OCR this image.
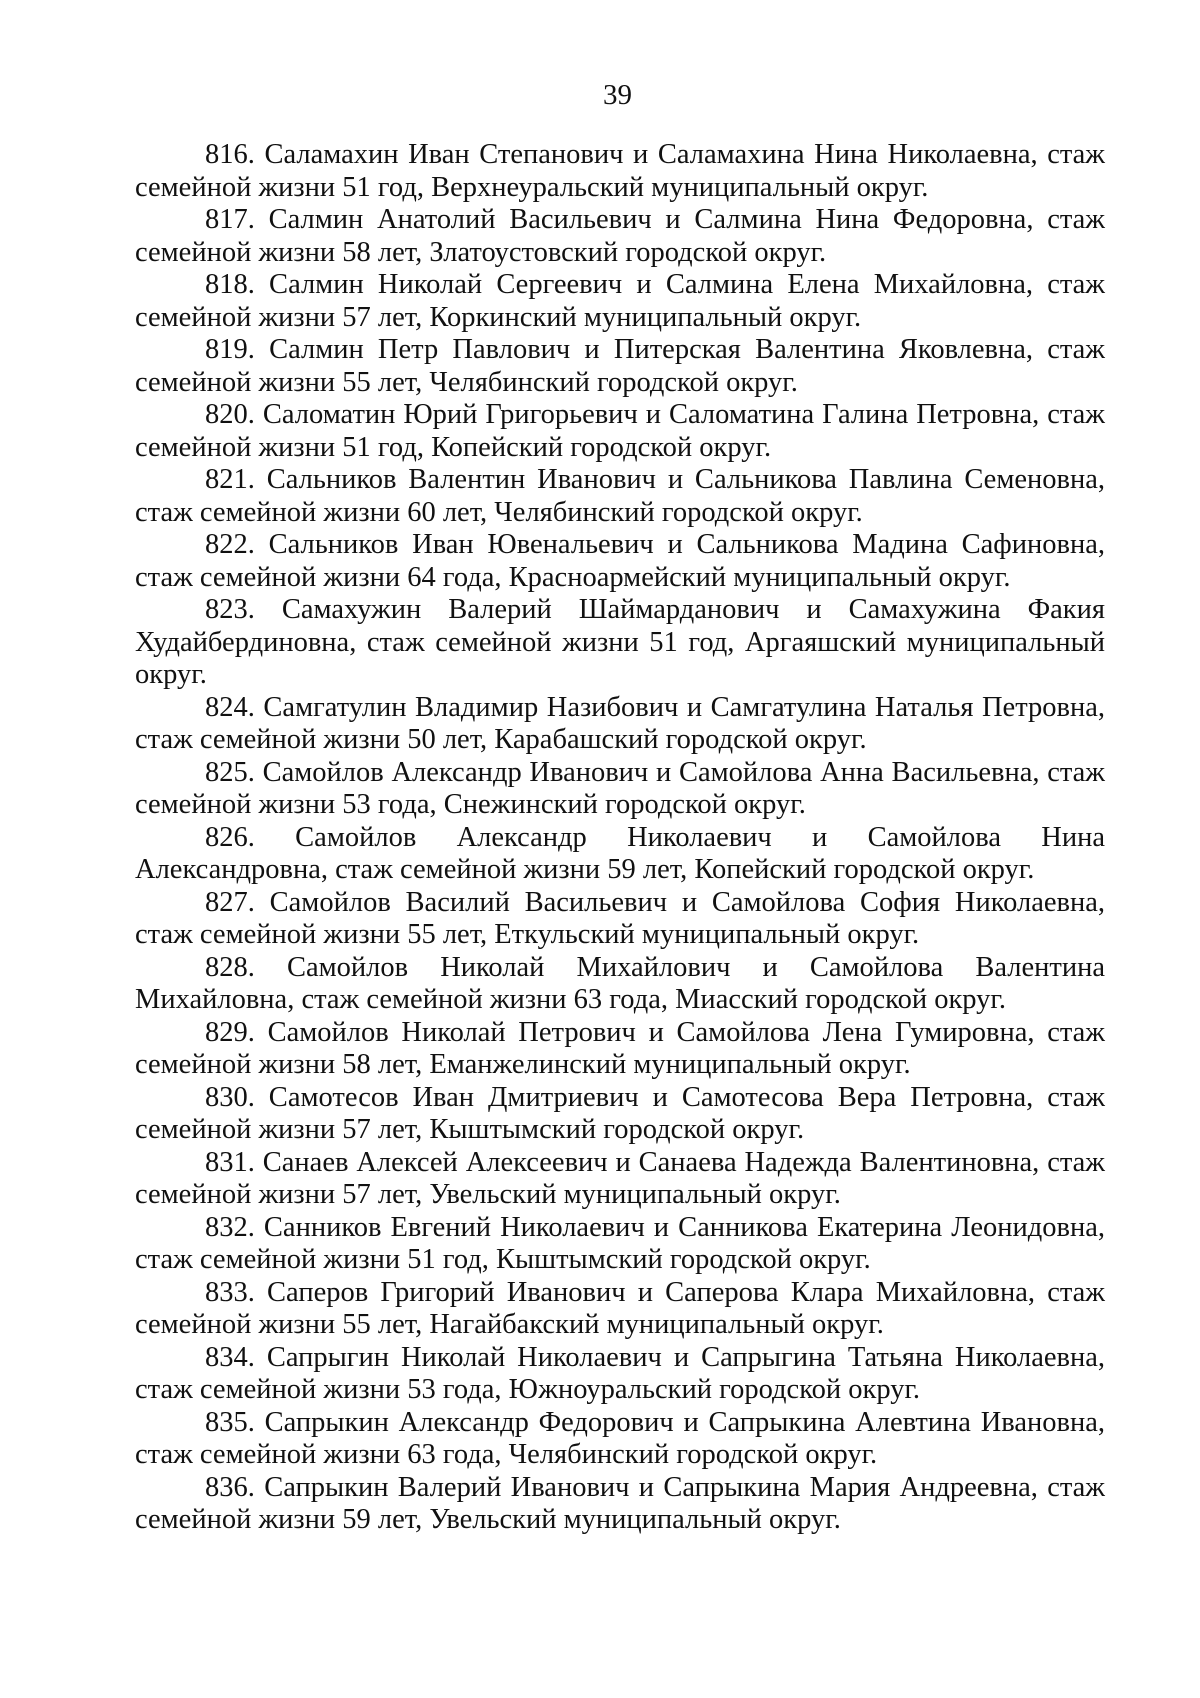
39

816. Саламахин Иван Степанович и Саламахина Нина Николаевна, стаж семейной жизни 51 год, Верхнеуральский муниципальный округ.

817. Салмин Анатолий Васильевич и Салмина Нина Федоровна, стаж семейной жизни 58 лет, Златоустовский городской округ.

818. Салмин Николай Сергеевич и Салмина Елена Михайловна, стаж семейной жизни 57 лет, Коркинский муниципальный округ.

819. Салмин Петр Павлович и Питерская Валентина Яковлевна, стаж семейной жизни 55 лет, Челябинский городской округ.

820. Саломатин Юрий Григорьевич и Саломатина Галина Петровна, стаж семейной жизни 51 год, Копейский городской округ.

821. Сальников Валентин Иванович и Сальникова Павлина Семеновна, стаж семейной жизни 60 лет, Челябинский городской округ.

822. Сальников Иван Ювенальевич и Сальникова Мадина Сафиновна, стаж семейной жизни 64 года, Красноармейский муниципальный округ.

823. Самахужин Валерий Шаймарданович и Самахужина Факия Худайбердиновна, стаж семейной жизни 51 год, Аргаяшский муниципальный округ.

824. Самгатулин Владимир Назибович и Самгатулина Наталья Петровна, стаж семейной жизни 50 лет, Карабашский городской округ.

825. Самойлов Александр Иванович и Самойлова Анна Васильевна, стаж семейной жизни 53 года, Снежинский городской округ.

826. Самойлов Александр Николаевич и Самойлова Нина Александровна, стаж семейной жизни 59 лет, Копейский городской округ.

827. Самойлов Василий Васильевич и Самойлова София Николаевна, стаж семейной жизни 55 лет, Еткульский муниципальный округ.

828. Самойлов Николай Михайлович и Самойлова Валентина Михайловна, стаж семейной жизни 63 года, Миасский городской округ.

829. Самойлов Николай Петрович и Самойлова Лена Гумировна, стаж семейной жизни 58 лет, Еманжелинский муниципальный округ.

830. Самотесов Иван Дмитриевич и Самотесова Вера Петровна, стаж семейной жизни 57 лет, Кыштымский городской округ.

831. Санаев Алексей Алексеевич и Санаева Надежда Валентиновна, стаж семейной жизни 57 лет, Увельский муниципальный округ.

832. Санников Евгений Николаевич и Санникова Екатерина Леонидовна, стаж семейной жизни 51 год, Кыштымский городской округ.

833. Саперов Григорий Иванович и Саперова Клара Михайловна, стаж семейной жизни 55 лет, Нагайбакский муниципальный округ.

834. Сапрыгин Николай Николаевич и Сапрыгина Татьяна Николаевна, стаж семейной жизни 53 года, Южноуральский городской округ.

835. Сапрыкин Александр Федорович и Сапрыкина Алевтина Ивановна, стаж семейной жизни 63 года, Челябинский городской округ.

836. Сапрыкин Валерий Иванович и Сапрыкина Мария Андреевна, стаж семейной жизни 59 лет, Увельский муниципальный округ.
